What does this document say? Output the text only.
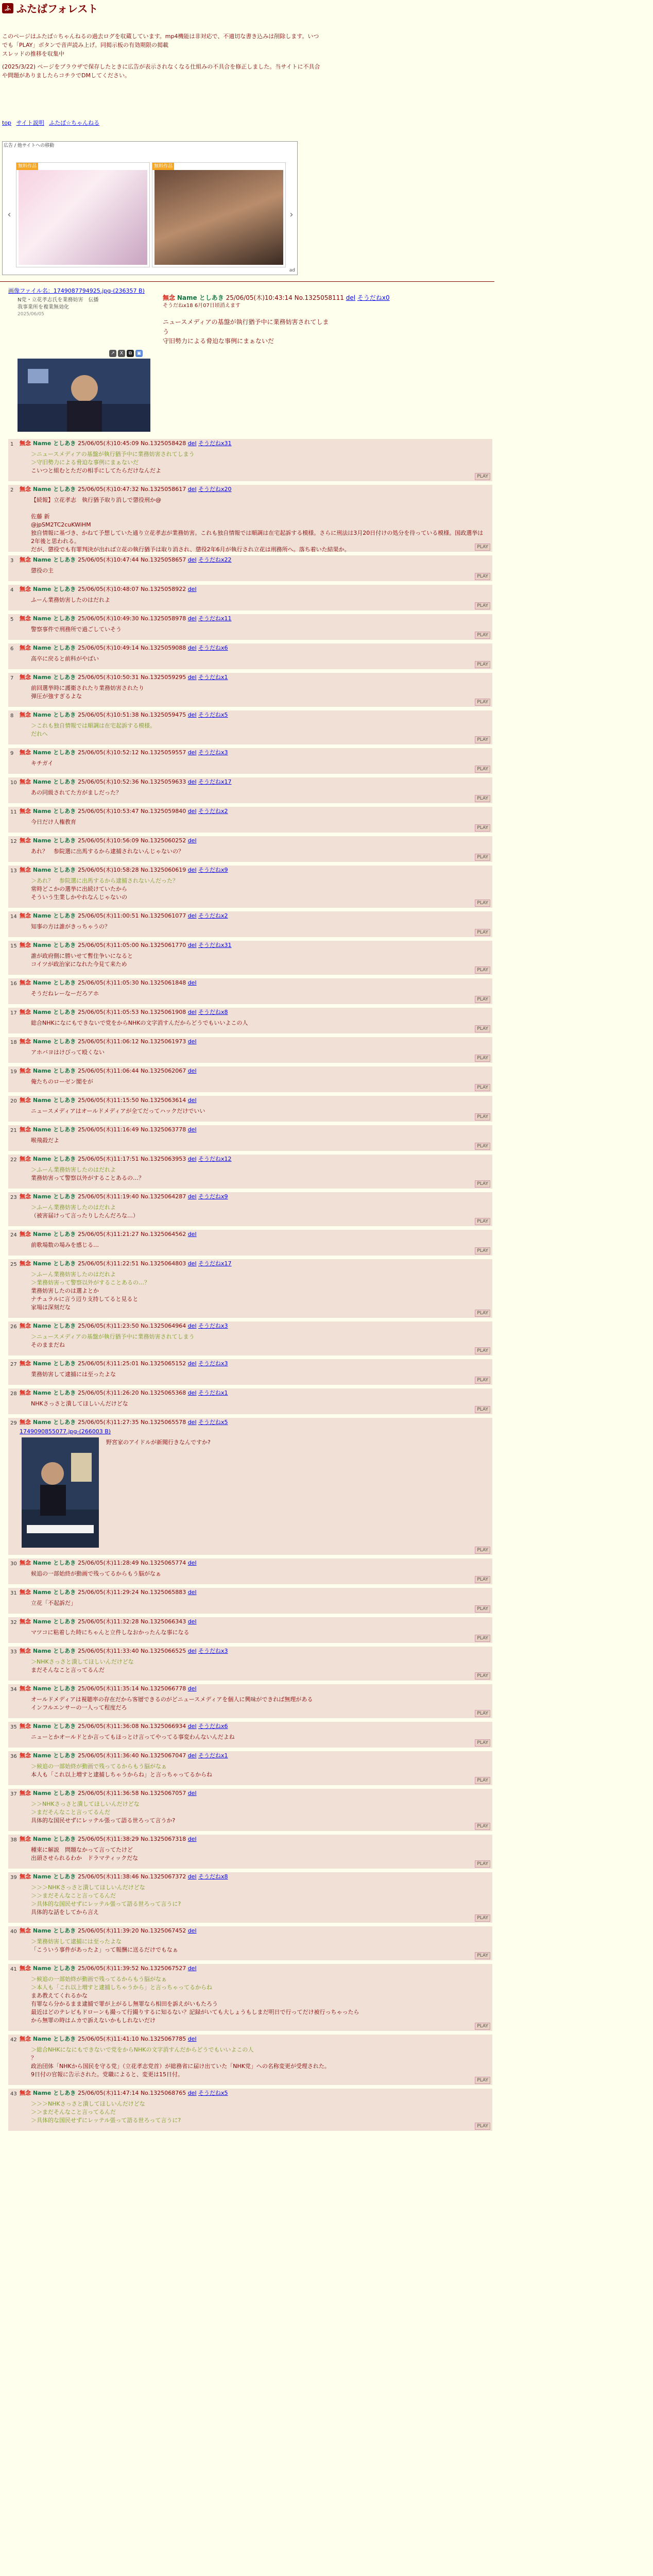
ふ ふたばフォレスト

このページはふたば☆ちゃんねるの過去ログを収蔵しています。mp4機能は非対応で、不適切な書き込みは削除します。いつでも「PLAY」ボタンで音声読み上げ。同掲示板の有効期限の掲載

スレッドの推移を収集中

(2025/3/22) ページをブラウザで保存したときに広告が表示されなくなる仕組みの不具合を修正しました。当サイトに不具合や問題がありましたらコチラでDMしてください。

top サイト説明 ふたば☆ちゃんねる
広告 / 他サイトへの移動
‹
無料作品	無料作品
›
ad
画像ファイル名：1749087794925.jpg-(236357 B)
N党・立花孝志氏を業務妨害　伝播
我事業所を複業無効化
2025/06/05
↗ X ⧉ ▣
無念 Name としあき 25/06/05(木)10:43:14 No.1325058111 del そうだねx0
そうだねx18 6月07日頃消えます
ニュースメディアの基盤が執行猶予中に業務妨害されてしま
う
守旧勢力による脅迫な事例にまぁないだ
1 無念 Name としあき 25/06/05(木)10:45:09 No.1325058428 del そうだねx31
＞ニュースメディアの基盤が執行猶予中に業務妨害されてしまう
＞守旧勢力による脅迫な事例にまぁないだ
こいつと組むとただの相手にしてたらだけなんだよ
PLAY
2 無念 Name としあき 25/06/05(木)10:47:32 No.1325058617 del そうだねx20
【続報】立花孝志　執行猶予取り消しで懲役刑か@

佐藤 新
@jpSM2TC2cuKWiHM
独自情報に基づき、かねて予想していた通り立花孝志が業務妨害。これも独自情報では順調は在宅起訴する模様。さらに刑法は3月20日付けの処分を待っている模様。国政選挙は2年後と思われる。
だが、懲役でも有罪判決が出れば立花の執行猶予は取り消され、懲役2年6月が執行され立花は刑務所へ。落ち着いた結果か。	PLAY
3 無念 Name としあき 25/06/05(木)10:47:44 No.1325058657 del そうだねx22
懲役の主
PLAY
4 無念 Name としあき 25/06/05(木)10:48:07 No.1325058922 del
ふーん業務妨害したのはだれよ
PLAY
5 無念 Name としあき 25/06/05(木)10:49:30 No.1325058978 del そうだねx11
警察事件で刑務所で過ごしていそう
PLAY
6 無念 Name としあき 25/06/05(木)10:49:14 No.1325059088 del そうだねx6
高卒に戻ると前科がやばい
PLAY
7 無念 Name としあき 25/06/05(木)10:50:31 No.1325059295 del そうだねx1
前回選挙時に護衛されたり業務妨害されたり
弾圧が強すぎるよな
PLAY
8 無念 Name としあき 25/06/05(木)10:51:38 No.1325059475 del そうだねx5
＞これも独自情報では順調は在宅起訴する模様。
だれへ
PLAY
9 無念 Name としあき 25/06/05(木)10:52:12 No.1325059557 del そうだねx3
キチガイ
PLAY
10 無念 Name としあき 25/06/05(木)10:52:36 No.1325059633 del そうだねx17
あの同級されてた方がましだった？
PLAY
11 無念 Name としあき 25/06/05(木)10:53:47 No.1325059840 del そうだねx2
今日だけ人権教育
PLAY
12 無念 Name としあき 25/06/05(木)10:56:09 No.1325060252 del
あれ？　参院選に出馬するから逮捕されないんじゃないの？
PLAY
13 無念 Name としあき 25/06/05(木)10:58:28 No.1325060619 del そうだねx9
＞あれ？　参院選に出馬するから逮捕されないんだった？
常時どこかの選挙に出続けていたから
そういう生業しかやれなんじゃないの
PLAY
14 無念 Name としあき 25/06/05(木)11:00:51 No.1325061077 del そうだねx2
知事の方は誰がきっちゃうの？
PLAY
15 無念 Name としあき 25/06/05(木)11:05:00 No.1325061770 del そうだねx31
誰が政府側に勝いせて暫住争いになると
コイツが政治家になれた今見て来ため
PLAY
16 無念 Name としあき 25/06/05(木)11:05:30 No.1325061848 del
そうだねレーなーだろアホ
PLAY
17 無念 Name としあき 25/06/05(木)11:05:53 No.1325061908 del そうだねx8
総合NHKになにもできないで党をからNHKの文字消すんだからどうでもいいよこの人
PLAY
18 無念 Name としあき 25/06/05(木)11:06:12 No.1325061973 del
アホバヨはけびって殴くない
PLAY
19 無念 Name としあき 25/06/05(木)11:06:44 No.1325062067 del
俺たちのローゼン閣をが
PLAY
20 無念 Name としあき 25/06/05(木)11:15:50 No.1325063614 del
ニュースメディアはオールドメディアが全てだってハックだけでいい
PLAY
21 無念 Name としあき 25/06/05(木)11:16:49 No.1325063778 del
喉飛殺だよ
PLAY
22 無念 Name としあき 25/06/05(木)11:17:51 No.1325063953 del そうだねx12
＞ふーん業務妨害したのはだれよ
業務妨害って警察以外がすることあるの…？
PLAY
23 無念 Name としあき 25/06/05(木)11:19:40 No.1325064287 del そうだねx9
＞ふーん業務妨害したのはだれよ
（被害届けって言ったりしたんだろな…）
PLAY
24 無念 Name としあき 25/06/05(木)11:21:27 No.1325064562 del
前歌場数の場みを感じる…
PLAY
25 無念 Name としあき 25/06/05(木)11:22:51 No.1325064803 del そうだねx17
＞ふーん業務妨害したのはだれよ
＞業務妨害って警察以外がすることあるの…？
業務妨害したのは選よとか
ナチュラルに言う辺り支持してると見ると
家場は深刻だな
PLAY
26 無念 Name としあき 25/06/05(木)11:23:50 No.1325064964 del そうだねx3
＞ニュースメディアの基盤が執行猶予中に業務妨害されてしまう
そのままだね
PLAY
27 無念 Name としあき 25/06/05(木)11:25:01 No.1325065152 del そうだねx3
業務妨害して逮捕には至ったよな
PLAY
28 無念 Name としあき 25/06/05(木)11:26:20 No.1325065368 del そうだねx1
NHKさっさと潰してほしいんだけどな
PLAY
29 無念 Name としあき 25/06/05(木)11:27:35 No.1325065578 del そうだねx5
1749090855077.jpg-(266003 B)
野宮家のアイドルが新聞行きなんですか?
PLAY
30 無念 Name としあき 25/06/05(木)11:28:49 No.1325065774 del
候追の一部始終が動画で残ってるからもう脳がなぁ
PLAY
31 無念 Name としあき 25/06/05(木)11:29:24 No.1325065883 del
立花「不起訴だ」
PLAY
32 無念 Name としあき 25/06/05(木)11:32:28 No.1325066343 del
マツコに粘着した時にちゃんと立件しなおかったんな事になる
PLAY
33 無念 Name としあき 25/06/05(木)11:33:40 No.1325066525 del そうだねx3
＞NHKさっさと潰してほしいんだけどな
まだそんなこと言ってるんだ
PLAY
34 無念 Name としあき 25/06/05(木)11:35:14 No.1325066778 del
オールドメディアは視聴率の存在だから客層できるのがどニュースメディアを個人に興味ができれば無理がある
インフルエンサーの一人って程度だろ
PLAY
35 無念 Name としあき 25/06/05(木)11:36:08 No.1325066934 del そうだねx6
ニューとかオールドとか言ってもほっとけ言ってやってる事変わんないんだよね
PLAY
36 無念 Name としあき 25/06/05(木)11:36:40 No.1325067047 del そうだねx1
＞候追の一部始終が動画で残ってるからもう脳がなぁ
本人も「これ以上増すと逮捕しちゃうからね」と言っちゃってるからね
PLAY
37 無念 Name としあき 25/06/05(木)11:36:58 No.1325067057 del
＞＞NHKさっさと潰してほしいんだけどな
＞まだそんなこと言ってるんだ
具体的な国民せずにレッテル張って語る世ろって言うか?
PLAY
38 無念 Name としあき 25/06/05(木)11:38:29 No.1325067318 del
種束に解説　問題なかって言ってたけど
出頭させられるわか　ドラマティックだな
PLAY
39 無念 Name としあき 25/06/05(木)11:38:46 No.1325067372 del そうだねx8
＞＞＞NHKさっさと潰してほしいんだけどな
＞＞まだそんなこと言ってるんだ
＞具体的な国民せずにレッテル張って語る世ろって言うに?
具体的な話をしてから言え
PLAY
40 無念 Name としあき 25/06/05(木)11:39:20 No.1325067452 del
＞業務妨害して逮捕には至ったよな
「こういう事件があったよ」って報酬に送るだけでもなぁ
PLAY
41 無念 Name としあき 25/06/05(木)11:39:52 No.1325067527 del
＞候追の一部始終が動画で残ってるからもう脳がなぁ
＞本人も「これ以上増すと逮捕しちゃうから」と言っちゃってるからね
まあ教えてくれるかな
有罪なら分かるまま逮捕で罪が上がるし無罪なら相田を訴えがいもたろう
最近はどのテレビもドローンも撮って行撮りするに知るない？記録がいても大しょうもしまだ明日で行ってだけ被行っちゃったら
から無罪の時はムカで訴えないかもしれないだけ
PLAY
42 無念 Name としあき 25/06/05(木)11:41:10 No.1325067785 del
＞総合NHKになにもできないで党をからNHKの文字消すんだからどうでもいいよこの人
？
政治団体「NHKから国民を守る党」（立花孝志党首）が総務省に届け出ていた「NHK党」への名称変更が受理された。
9日付の官報に告示された。党職によると、変更は15日付。
PLAY
43 無念 Name としあき 25/06/05(木)11:47:14 No.1325068765 del そうだねx5
＞＞＞NHKさっさと潰してほしいんだけどな
＞＞まだそんなこと言ってるんだ
＞具体的な国民せずにレッテル張って語る世ろって言うに?
PLAY
